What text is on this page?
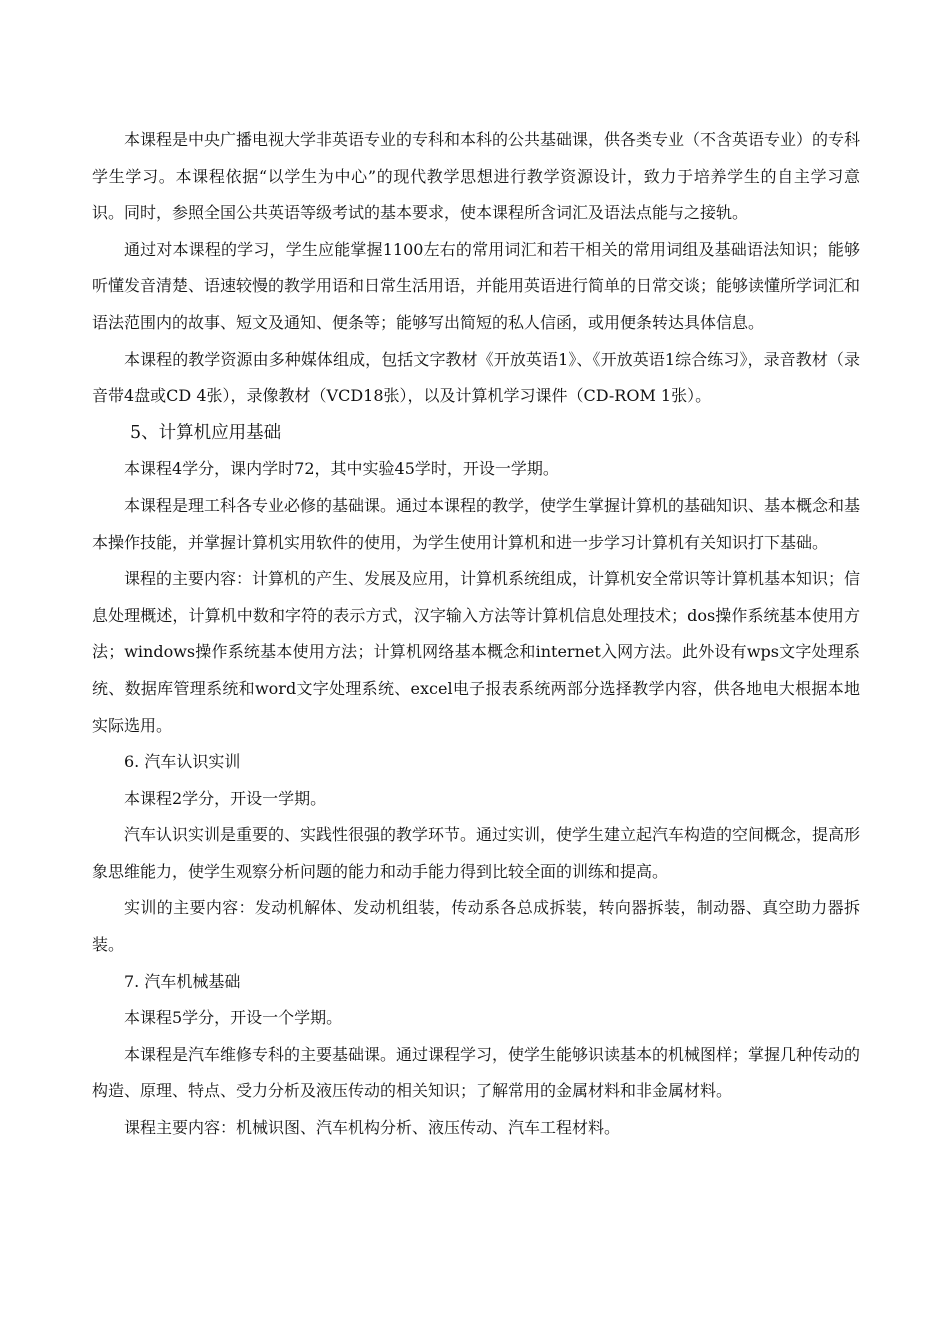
本课程是中央广播电视大学非英语专业的专科和本科的公共基础课，供各类专业（不含英语专业）的专科学生学习。本课程依据“以学生为中心”的现代教学思想进行教学资源设计，致力于培养学生的自主学习意识。同时，参照全国公共英语等级考试的基本要求，使本课程所含词汇及语法点能与之接轨。

通过对本课程的学习，学生应能掌握1100左右的常用词汇和若干相关的常用词组及基础语法知识；能够听懂发音清楚、语速较慢的教学用语和日常生活用语，并能用英语进行简单的日常交谈；能够读懂所学词汇和语法范围内的故事、短文及通知、便条等；能够写出简短的私人信函，或用便条转达具体信息。

本课程的教学资源由多种媒体组成，包括文字教材《开放英语1》、《开放英语1综合练习》，录音教材（录音带4盘或CD 4张），录像教材（VCD18张），以及计算机学习课件（CD-ROM 1张）。

5、计算机应用基础

本课程4学分，课内学时72，其中实验45学时，开设一学期。

本课程是理工科各专业必修的基础课。通过本课程的教学，使学生掌握计算机的基础知识、基本概念和基本操作技能，并掌握计算机实用软件的使用，为学生使用计算机和进一步学习计算机有关知识打下基础。

课程的主要内容：计算机的产生、发展及应用，计算机系统组成，计算机安全常识等计算机基本知识；信息处理概述，计算机中数和字符的表示方式，汉字输入方法等计算机信息处理技术；dos操作系统基本使用方法；windows操作系统基本使用方法；计算机网络基本概念和internet入网方法。此外设有wps文字处理系统、数据库管理系统和word文字处理系统、excel电子报表系统两部分选择教学内容，供各地电大根据本地实际选用。

6. 汽车认识实训

本课程2学分，开设一学期。

汽车认识实训是重要的、实践性很强的教学环节。通过实训，使学生建立起汽车构造的空间概念，提高形象思维能力，使学生观察分析问题的能力和动手能力得到比较全面的训练和提高。

实训的主要内容：发动机解体、发动机组装，传动系各总成拆装，转向器拆装，制动器、真空助力器拆装。

7. 汽车机械基础

本课程5学分，开设一个学期。

本课程是汽车维修专科的主要基础课。通过课程学习，使学生能够识读基本的机械图样；掌握几种传动的构造、原理、特点、受力分析及液压传动的相关知识；了解常用的金属材料和非金属材料。

课程主要内容：机械识图、汽车机构分析、液压传动、汽车工程材料。
